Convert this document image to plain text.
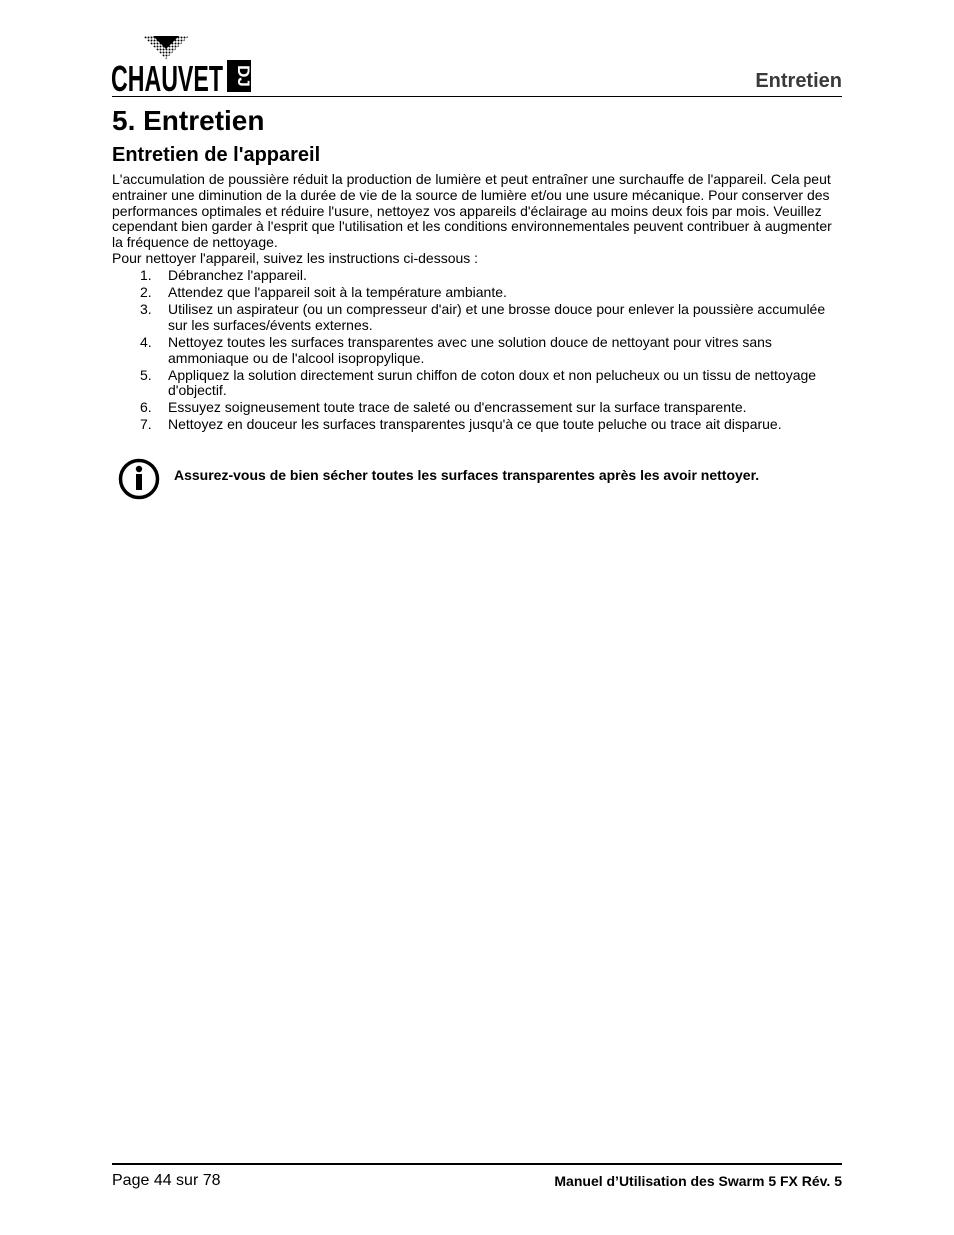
CHAUVET DJ	Entretien
5. Entretien
Entretien de l'appareil

L'accumulation de poussière réduit la production de lumière et peut entraîner une surchauffe de l'appareil. Cela peut entrainer une diminution de la durée de vie de la source de lumière et/ou une usure mécanique. Pour conserver des performances optimales et réduire l'usure, nettoyez vos appareils d'éclairage au moins deux fois par mois. Veuillez cependant bien garder à l'esprit que l'utilisation et les conditions environnementales peuvent contribuer à augmenter la fréquence de nettoyage.

Pour nettoyer l'appareil, suivez les instructions ci-dessous :

1. Débranchez l'appareil.
2. Attendez que l'appareil soit à la température ambiante.
3. Utilisez un aspirateur (ou un compresseur d'air) et une brosse douce pour enlever la poussière accumulée sur les surfaces/évents externes.
4. Nettoyez toutes les surfaces transparentes avec une solution douce de nettoyant pour vitres sans ammoniaque ou de l'alcool isopropylique.
5. Appliquez la solution directement surun chiffon de coton doux et non pelucheux ou un tissu de nettoyage d'objectif.
6. Essuyez soigneusement toute trace de saleté ou d'encrassement sur la surface transparente.
7. Nettoyez en douceur les surfaces transparentes jusqu'à ce que toute peluche ou trace ait disparue.
Assurez-vous de bien sécher toutes les surfaces transparentes après les avoir nettoyer.
Page 44 sur 78	Manuel d’Utilisation des Swarm 5 FX Rév. 5
